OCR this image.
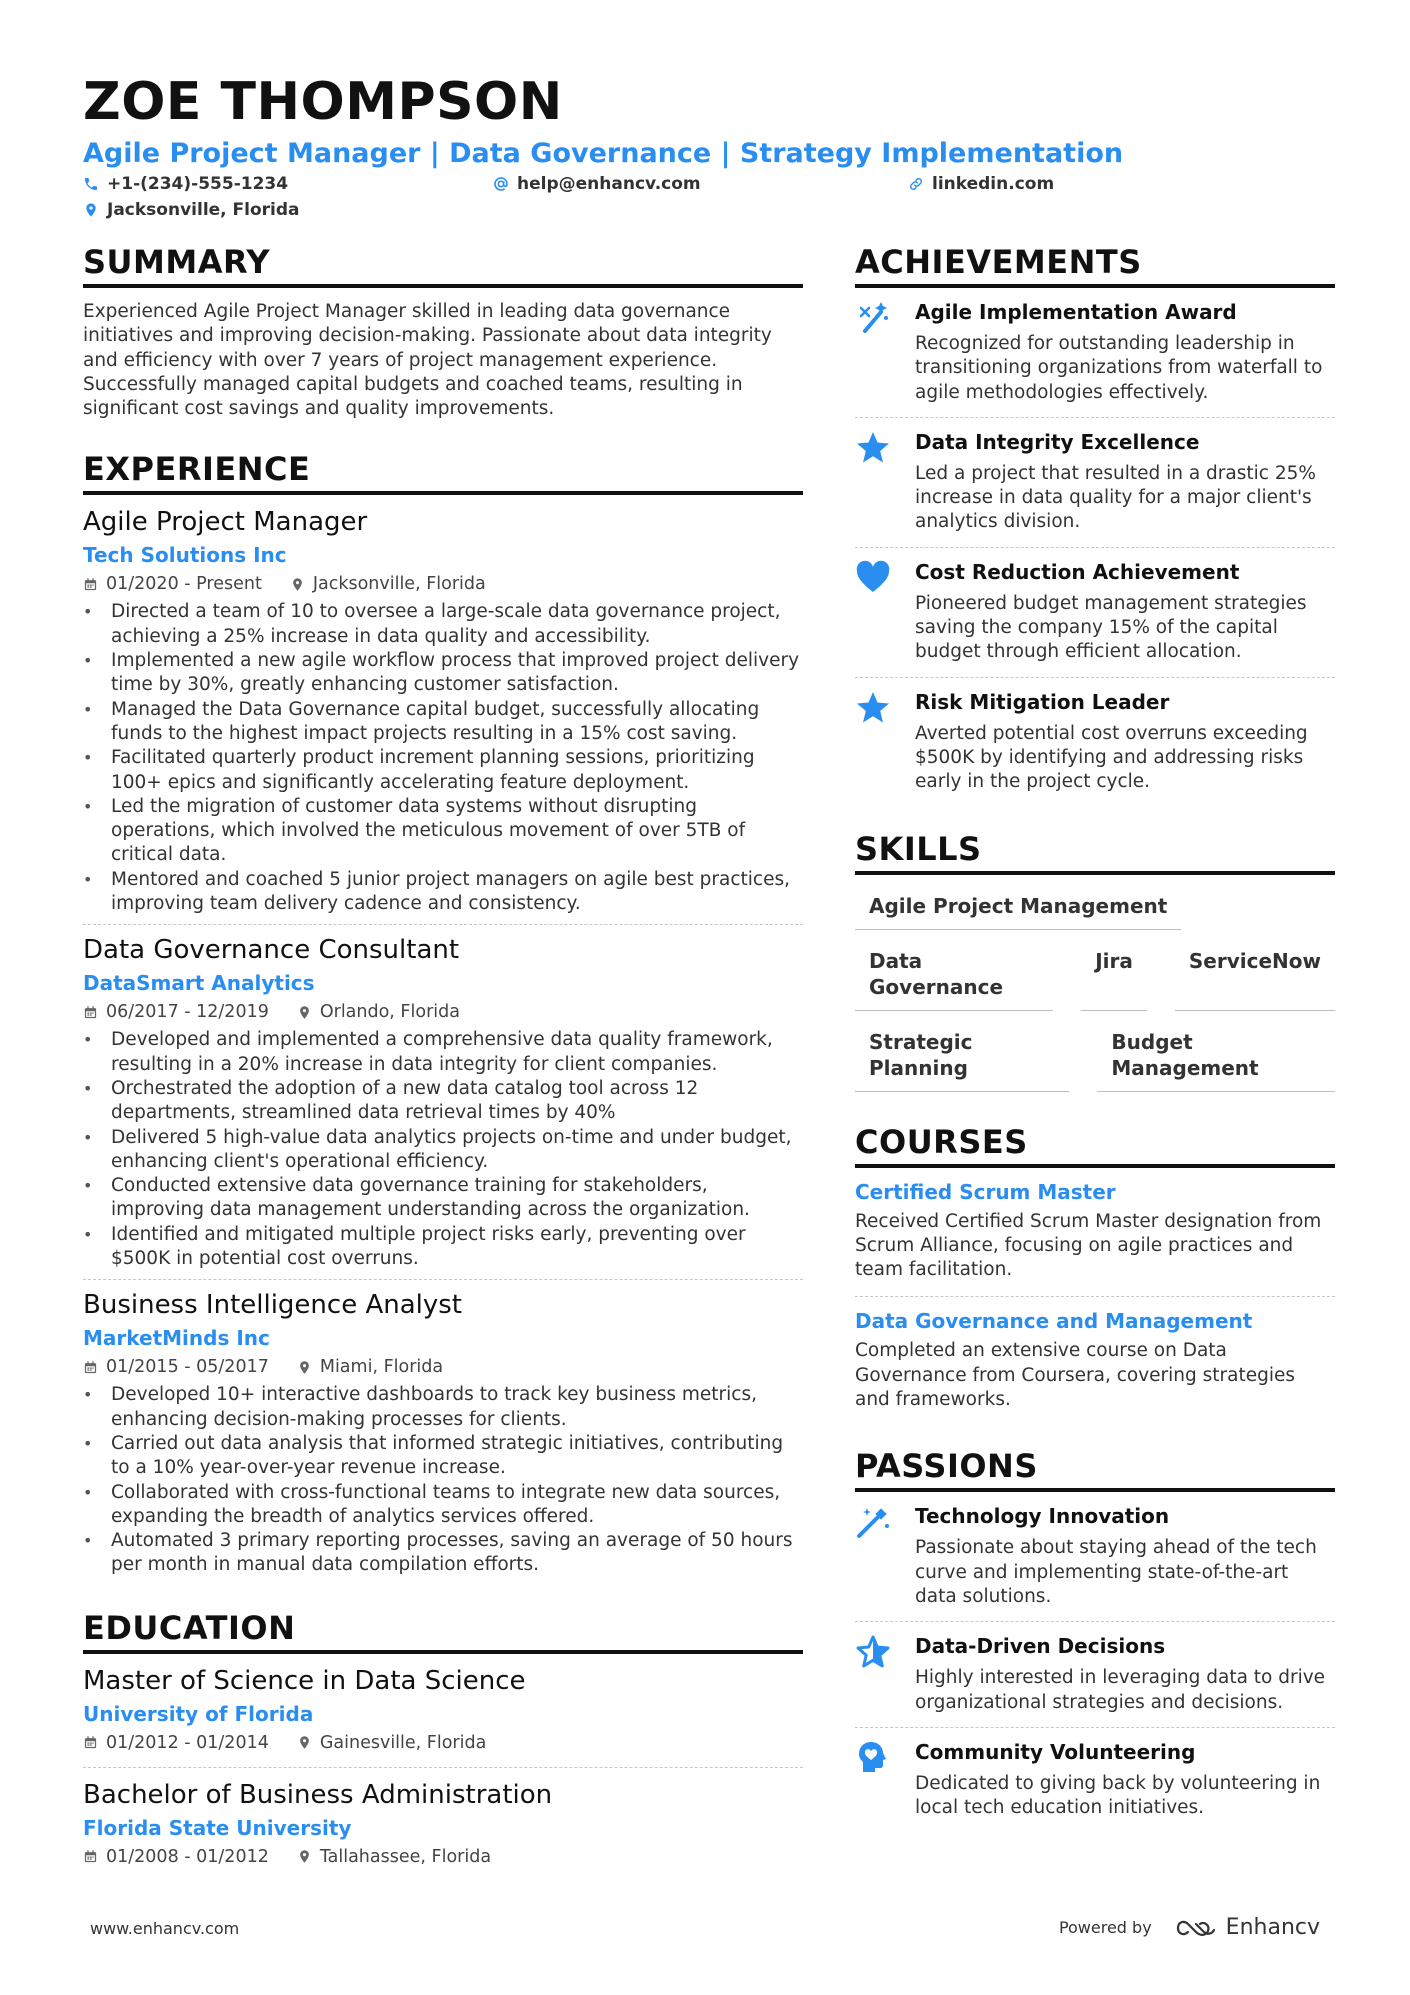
ZOE THOMPSON
Agile Project Manager | Data Governance | Strategy Implementation
+1-(234)-555-1234	help@enhancv.com	linkedin.com
Jacksonville, Florida
SUMMARY
Experienced Agile Project Manager skilled in leading data governance initiatives and improving decision-making. Passionate about data integrity and efficiency with over 7 years of project management experience. Successfully managed capital budgets and coached teams, resulting in significant cost savings and quality improvements.
EXPERIENCE
Agile Project Manager
Tech Solutions Inc
01/2020 - Present	Jacksonville, Florida
• Directed a team of 10 to oversee a large-scale data governance project, achieving a 25% increase in data quality and accessibility.
• Implemented a new agile workflow process that improved project delivery time by 30%, greatly enhancing customer satisfaction.
• Managed the Data Governance capital budget, successfully allocating funds to the highest impact projects resulting in a 15% cost saving.
• Facilitated quarterly product increment planning sessions, prioritizing 100+ epics and significantly accelerating feature deployment.
• Led the migration of customer data systems without disrupting operations, which involved the meticulous movement of over 5TB of critical data.
• Mentored and coached 5 junior project managers on agile best practices, improving team delivery cadence and consistency.
Data Governance Consultant
DataSmart Analytics
06/2017 - 12/2019	Orlando, Florida
• Developed and implemented a comprehensive data quality framework, resulting in a 20% increase in data integrity for client companies.
• Orchestrated the adoption of a new data catalog tool across 12 departments, streamlined data retrieval times by 40%
• Delivered 5 high-value data analytics projects on-time and under budget, enhancing client's operational efficiency.
• Conducted extensive data governance training for stakeholders, improving data management understanding across the organization.
• Identified and mitigated multiple project risks early, preventing over $500K in potential cost overruns.
Business Intelligence Analyst
MarketMinds Inc
01/2015 - 05/2017	Miami, Florida
• Developed 10+ interactive dashboards to track key business metrics, enhancing decision-making processes for clients.
• Carried out data analysis that informed strategic initiatives, contributing to a 10% year-over-year revenue increase.
• Collaborated with cross-functional teams to integrate new data sources, expanding the breadth of analytics services offered.
• Automated 3 primary reporting processes, saving an average of 50 hours per month in manual data compilation efforts.
EDUCATION
Master of Science in Data Science
University of Florida
01/2012 - 01/2014	Gainesville, Florida
Bachelor of Business Administration
Florida State University
01/2008 - 01/2012	Tallahassee, Florida
ACHIEVEMENTS
Agile Implementation Award
Recognized for outstanding leadership in transitioning organizations from waterfall to agile methodologies effectively.
Data Integrity Excellence
Led a project that resulted in a drastic 25% increase in data quality for a major client's analytics division.
Cost Reduction Achievement
Pioneered budget management strategies saving the company 15% of the capital budget through efficient allocation.
Risk Mitigation Leader
Averted potential cost overruns exceeding $500K by identifying and addressing risks early in the project cycle.
SKILLS
Agile Project Management
Data Governance
Jira	ServiceNow
Strategic Planning
Budget Management
COURSES
Certified Scrum Master
Received Certified Scrum Master designation from Scrum Alliance, focusing on agile practices and team facilitation.
Data Governance and Management
Completed an extensive course on Data Governance from Coursera, covering strategies and frameworks.
PASSIONS
Technology Innovation
Passionate about staying ahead of the tech curve and implementing state-of-the-art data solutions.
Data-Driven Decisions
Highly interested in leveraging data to drive organizational strategies and decisions.
Community Volunteering
Dedicated to giving back by volunteering in local tech education initiatives.
www.enhancv.com	Powered by	Enhancv
